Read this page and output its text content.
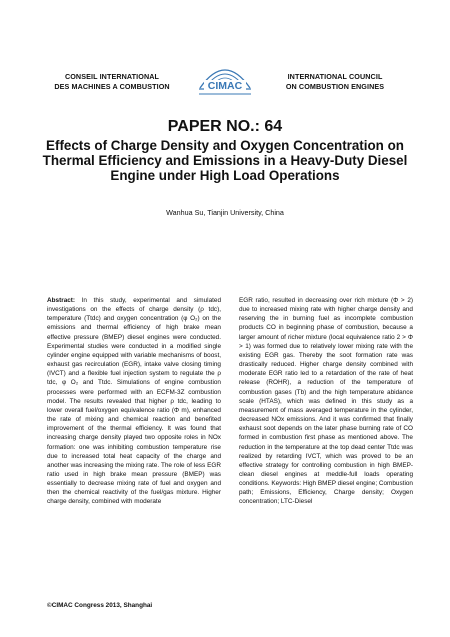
CONSEIL INTERNATIONAL
DES MACHINES A COMBUSTION	CIMAC
INTERNATIONAL COUNCIL
ON COMBUSTION ENGINES
PAPER NO.: 64
Effects of Charge Density and Oxygen Concentration on Thermal Efficiency and Emissions in a Heavy-Duty Diesel Engine under High Load Operations
Wanhua Su, Tianjin University, China
Abstract: In this study, experimental and simulated investigations on the effects of charge density (ρ tdc), temperature (Ttdc) and oxygen concentration (φ O₂) on the emissions and thermal efficiency of high brake mean effective pressure (BMEP) diesel engines were conducted. Experimental studies were conducted in a modified single cylinder engine equipped with variable mechanisms of boost, exhaust gas recirculation (EGR), intake valve closing timing (IVCT) and a flexible fuel injection system to regulate the ρ tdc, φ O₂ and Ttdc. Simulations of engine combustion processes were performed with an ECFM-3Z combustion model. The results revealed that higher ρ tdc, leading to lower overall fuel/oxygen equivalence ratio (Φ m), enhanced the rate of mixing and chemical reaction and benefited improvement of the thermal efficiency. It was found that increasing charge density played two opposite roles in NOx formation: one was inhibiting combustion temperature rise due to increased total heat capacity of the charge and another was increasing the mixing rate. The role of less EGR ratio used in high brake mean pressure (BMEP) was essentially to decrease mixing rate of fuel and oxygen and then the chemical reactivity of the fuel/gas mixture. Higher charge density, combined with moderate
EGR ratio, resulted in decreasing over rich mixture (Φ > 2) due to increased mixing rate with higher charge density and reserving the in burning fuel as incomplete combustion products CO in beginning phase of combustion, because a larger amount of richer mixture (local equivalence ratio 2 > Φ > 1) was formed due to relatively lower mixing rate with the existing EGR gas. Thereby the soot formation rate was drastically reduced. Higher charge density combined with moderate EGR ratio led to a retardation of the rate of heat release (ROHR), a reduction of the temperature of combustion gases (Tb) and the high temperature abidance scale (HTAS), which was defined in this study as a measurement of mass averaged temperature in the cylinder, decreased NOx emissions. And it was confirmed that finally exhaust soot depends on the later phase burning rate of CO formed in combustion first phase as mentioned above. The reduction in the temperature at the top dead center Ttdc was realized by retarding IVCT, which was proved to be an effective strategy for controlling combustion in high BMEP-clean diesel engines at meddle-full loads operating conditions. Keywords: High BMEP diesel engine; Combustion path; Emissions, Efficiency, Charge density; Oxygen concentration; LTC-Diesel
©CIMAC Congress 2013, Shanghai
